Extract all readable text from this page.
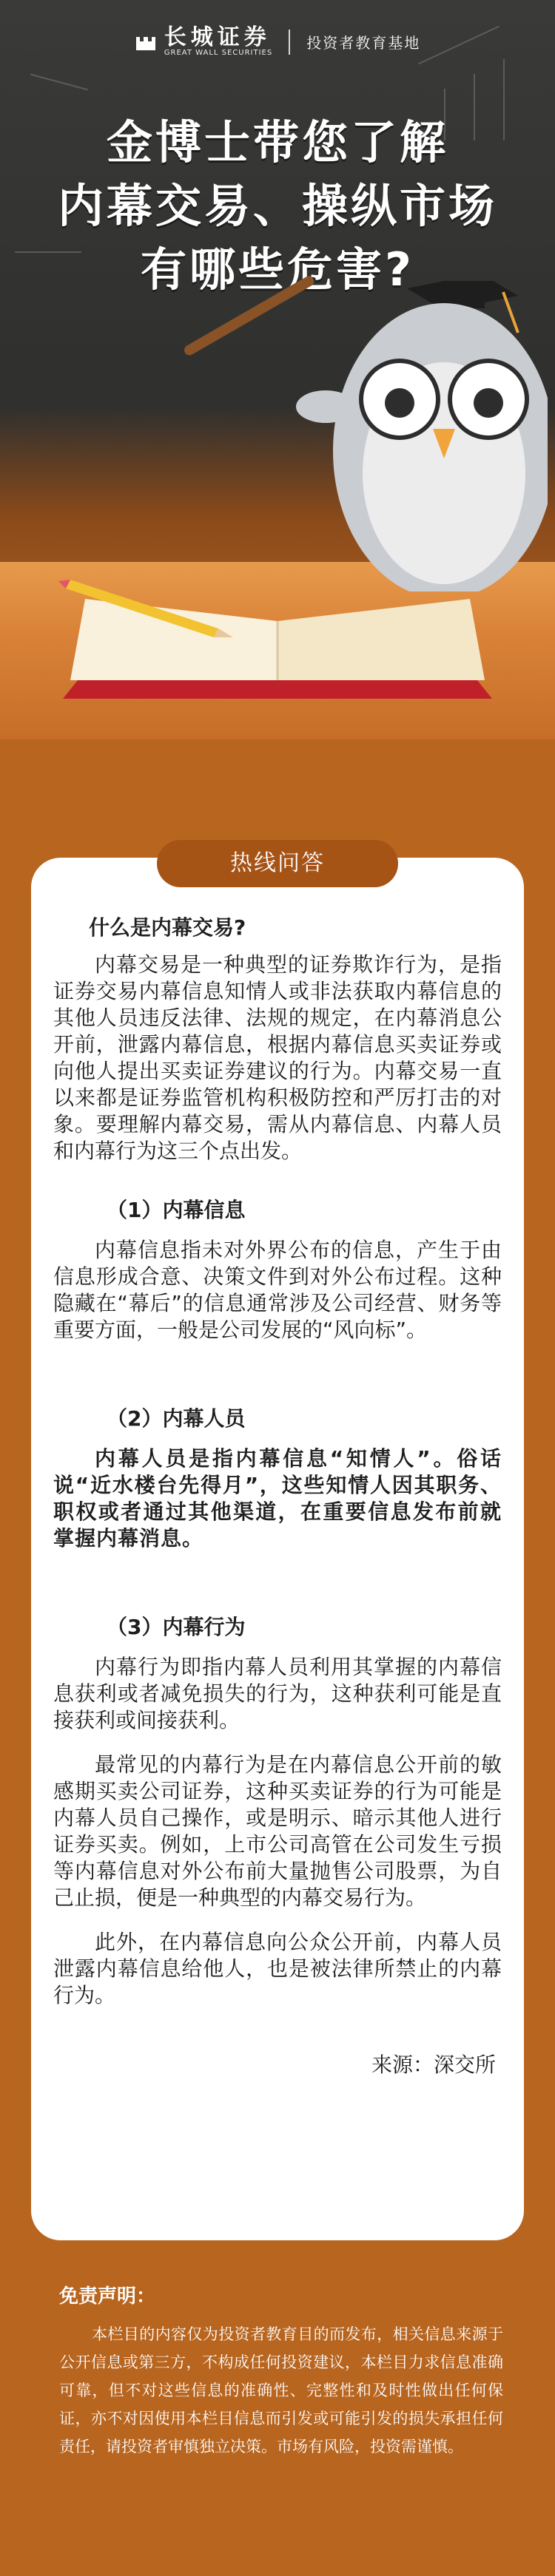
长城证券
GREAT WALL SECURITIES
投资者教育基地
金博士带您了解
内幕交易、操纵市场
有哪些危害?
热线问答
什么是内幕交易?

内幕交易是一种典型的证券欺诈行为，是指证券交易内幕信息知情人或非法获取内幕信息的其他人员违反法律、法规的规定，在内幕消息公开前，泄露内幕信息，根据内幕信息买卖证券或向他人提出买卖证券建议的行为。内幕交易一直以来都是证券监管机构积极防控和严厉打击的对象。要理解内幕交易，需从内幕信息、内幕人员和内幕行为这三个点出发。

（1）内幕信息

内幕信息指未对外界公布的信息，产生于由信息形成合意、决策文件到对外公布过程。这种隐藏在“幕后”的信息通常涉及公司经营、财务等重要方面，一般是公司发展的“风向标”。

（2）内幕人员

内幕人员是指内幕信息“知情人”。俗话说“近水楼台先得月”，这些知情人因其职务、职权或者通过其他渠道，在重要信息发布前就掌握内幕消息。

（3）内幕行为

内幕行为即指内幕人员利用其掌握的内幕信息获利或者减免损失的行为，这种获利可能是直接获利或间接获利。

最常见的内幕行为是在内幕信息公开前的敏感期买卖公司证券，这种买卖证券的行为可能是内幕人员自己操作，或是明示、暗示其他人进行证券买卖。例如，上市公司高管在公司发生亏损等内幕信息对外公布前大量抛售公司股票，为自己止损，便是一种典型的内幕交易行为。

此外，在内幕信息向公众公开前，内幕人员泄露内幕信息给他人，也是被法律所禁止的内幕行为。

来源：深交所
免责声明：
本栏目的内容仅为投资者教育目的而发布，相关信息来源于公开信息或第三方，不构成任何投资建议，本栏目力求信息准确可靠，但不对这些信息的准确性、完整性和及时性做出任何保证，亦不对因使用本栏目信息而引发或可能引发的损失承担任何责任，请投资者审慎独立决策。市场有风险，投资需谨慎。
